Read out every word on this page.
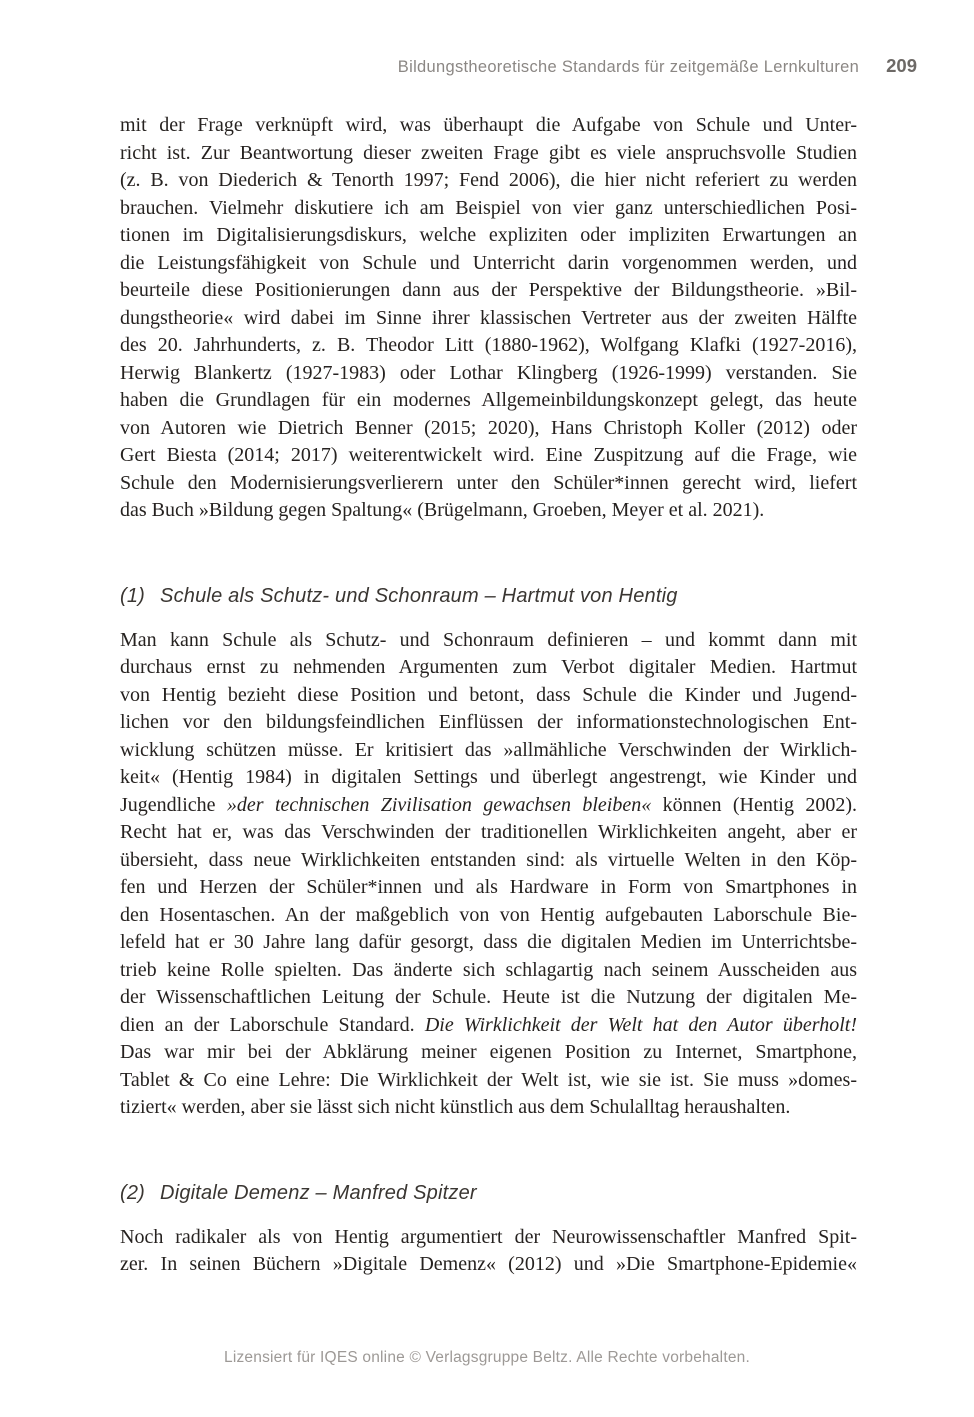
Bildungstheoretische Standards für zeitgemäße Lernkulturen 209
mit der Frage verknüpft wird, was überhaupt die Aufgabe von Schule und Unter-
richt ist. Zur Beantwortung dieser zweiten Frage gibt es viele anspruchsvolle Studien
(z. B. von Diederich & Tenorth 1997; Fend 2006), die hier nicht referiert zu werden
brauchen. Vielmehr diskutiere ich am Beispiel von vier ganz unterschiedlichen Posi-
tionen im Digitalisierungsdiskurs, welche expliziten oder impliziten Erwartungen an
die Leistungsfähigkeit von Schule und Unterricht darin vorgenommen werden, und
beurteile diese Positionierungen dann aus der Perspektive der Bildungstheorie. »Bil-
dungstheorie« wird dabei im Sinne ihrer klassischen Vertreter aus der zweiten Hälfte
des 20. Jahrhunderts, z. B. Theodor Litt (1880-1962), Wolfgang Klafki (1927-2016),
Herwig Blankertz (1927-1983) oder Lothar Klingberg (1926-1999) verstanden. Sie
haben die Grundlagen für ein modernes Allgemeinbildungskonzept gelegt, das heute
von Autoren wie Dietrich Benner (2015; 2020), Hans Christoph Koller (2012) oder
Gert Biesta (2014; 2017) weiterentwickelt wird. Eine Zuspitzung auf die Frage, wie
Schule den Modernisierungsverlierern unter den Schüler*innen gerecht wird, liefert
das Buch »Bildung gegen Spaltung« (Brügelmann, Groeben, Meyer et al. 2021).
(1) Schule als Schutz- und Schonraum – Hartmut von Hentig
Man kann Schule als Schutz- und Schonraum definieren – und kommt dann mit
durchaus ernst zu nehmenden Argumenten zum Verbot digitaler Medien. Hartmut
von Hentig bezieht diese Position und betont, dass Schule die Kinder und Jugend-
lichen vor den bildungsfeindlichen Einflüssen der informationstechnologischen Ent-
wicklung schützen müsse. Er kritisiert das »allmähliche Verschwinden der Wirklich-
keit« (Hentig 1984) in digitalen Settings und überlegt angestrengt, wie Kinder und
Jugendliche »der technischen Zivilisation gewachsen bleiben« können (Hentig 2002).
Recht hat er, was das Verschwinden der traditionellen Wirklichkeiten angeht, aber er
übersieht, dass neue Wirklichkeiten entstanden sind: als virtuelle Welten in den Köp-
fen und Herzen der Schüler*innen und als Hardware in Form von Smartphones in
den Hosentaschen. An der maßgeblich von von Hentig aufgebauten Laborschule Bie-
lefeld hat er 30 Jahre lang dafür gesorgt, dass die digitalen Medien im Unterrichtsbe-
trieb keine Rolle spielten. Das änderte sich schlagartig nach seinem Ausscheiden aus
der Wissenschaftlichen Leitung der Schule. Heute ist die Nutzung der digitalen Me-
dien an der Laborschule Standard. Die Wirklichkeit der Welt hat den Autor überholt!
Das war mir bei der Abklärung meiner eigenen Position zu Internet, Smartphone,
Tablet & Co eine Lehre: Die Wirklichkeit der Welt ist, wie sie ist. Sie muss »domes-
tiziert« werden, aber sie lässt sich nicht künstlich aus dem Schulalltag heraushalten.
(2) Digitale Demenz – Manfred Spitzer
Noch radikaler als von Hentig argumentiert der Neurowissenschaftler Manfred Spit-
zer. In seinen Büchern »Digitale Demenz« (2012) und »Die Smartphone-Epidemie«
Lizensiert für IQES online © Verlagsgruppe Beltz. Alle Rechte vorbehalten.
